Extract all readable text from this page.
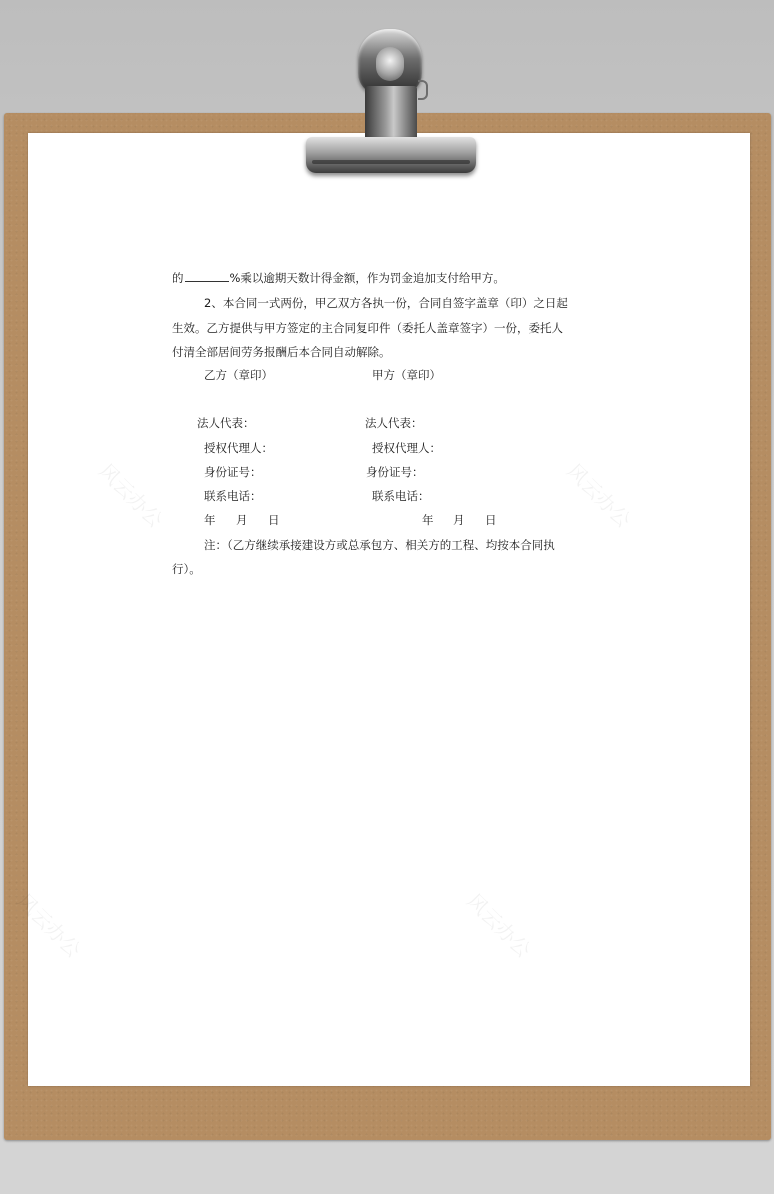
风云办公	风云办公
风云办公	风云办公
的	%乘以逾期天数计得金额，作为罚金追加支付给甲方。
2、本合同一式两份，甲乙双方各执一份，合同自签字盖章（印）之日起
生效。乙方提供与甲方签定的主合同复印件（委托人盖章签字）一份，委托人
付清全部居间劳务报酬后本合同自动解除。
乙方（章印）	甲方（章印）
法人代表：	法人代表：
授权代理人：	授权代理人：
身份证号：	身份证号：
联系电话：	联系电话：
年 月 日	年 月 日
注：（乙方继续承接建设方或总承包方、相关方的工程、均按本合同执
行）。
